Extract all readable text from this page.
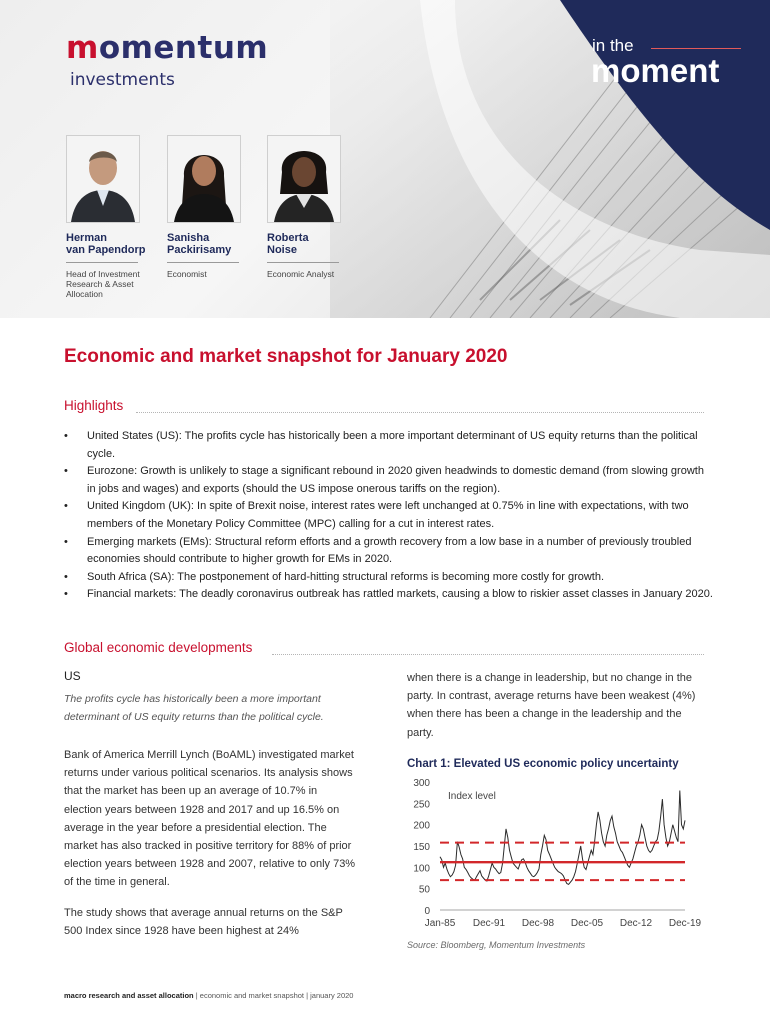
momentum
investments
in the
moment
Herman
van Papendorp
Head of Investment
Research & Asset
Allocation
Sanisha
Packirisamy
Economist
Roberta
Noise
Economic Analyst
Economic and market snapshot for January 2020
Highlights
• United States (US): The profits cycle has historically been a more important determinant of US equity returns than the political cycle.
• Eurozone: Growth is unlikely to stage a significant rebound in 2020 given headwinds to domestic demand (from slowing growth in jobs and wages) and exports (should the US impose onerous tariffs on the region).
• United Kingdom (UK): In spite of Brexit noise, interest rates were left unchanged at 0.75% in line with expectations, with two members of the Monetary Policy Committee (MPC) calling for a cut in interest rates.
• Emerging markets (EMs): Structural reform efforts and a growth recovery from a low base in a number of previously troubled economies should contribute to higher growth for EMs in 2020.
• South Africa (SA): The postponement of hard-hitting structural reforms is becoming more costly for growth.
• Financial markets: The deadly coronavirus outbreak has rattled markets, causing a blow to riskier asset classes in January 2020.
Global economic developments
US
The profits cycle has historically been a more important determinant of US equity returns than the political cycle.
Bank of America Merrill Lynch (BoAML) investigated market returns under various political scenarios. Its analysis shows that the market has been up an average of 10.7% in election years between 1928 and 2017 and up 16.5% on average in the year before a presidential election. The market has also tracked in positive territory for 88% of prior election years between 1928 and 2007, relative to only 73% of the time in general.
The study shows that average annual returns on the S&P 500 Index since 1928 have been highest at 24%
when there is a change in leadership, but no change in the party. In contrast, average returns have been weakest (4%) when there has been a change in the leadership and the party.
Chart 1: Elevated US economic policy uncertainty
0
50
100
150
200
250
300
Jan-85 Dec-91 Dec-98 Dec-05 Dec-12 Dec-19
Index level
Source: Bloomberg, Momentum Investments
macro research and asset allocation | economic and market snapshot | january 2020
